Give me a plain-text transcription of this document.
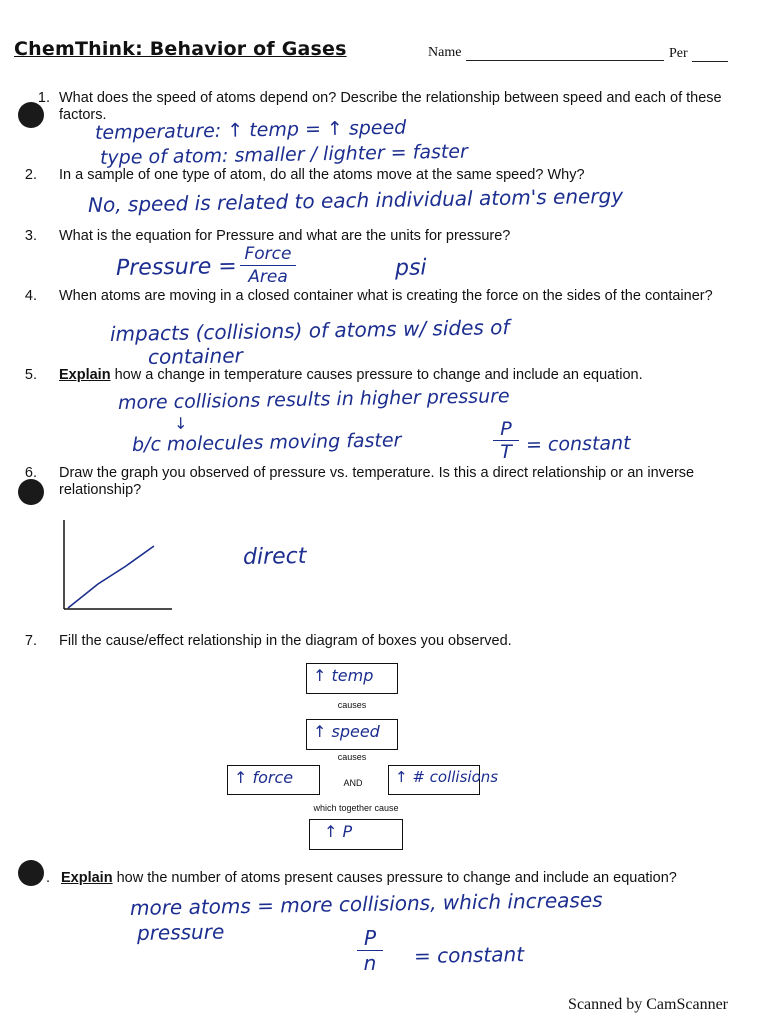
ChemThink: Behavior of Gases	Name	Per
1. What does the speed of atoms depend on? Describe the relationship between speed and each of these factors.
temperature: ↑ temp = ↑ speed
type of atom: smaller / lighter = faster
2. In a sample of one type of atom, do all the atoms move at the same speed? Why?
No, speed is related to each individual atom's energy
3. What is the equation for Pressure and what are the units for pressure?
Pressure = Force
Area	psi
4. When atoms are moving in a closed container what is creating the force on the sides of the container?
impacts (collisions) of atoms w/ sides of
container
5. Explain how a change in temperature causes pressure to change and include an equation.
more collisions results in higher pressure
↓
b/c molecules moving faster
P
T = constant
6. Draw the graph you observed of pressure vs. temperature. Is this a direct relationship or an inverse relationship?
direct
7. Fill the cause/effect relationship in the diagram of boxes you observed.
↑ temp
causes
↑ speed
causes
↑ force	AND	↑ # collisions
which together cause
↑ P
. Explain how the number of atoms present causes pressure to change and include an equation?
more atoms = more collisions, which increases
pressure	P
n	= constant
Scanned by CamScanner
